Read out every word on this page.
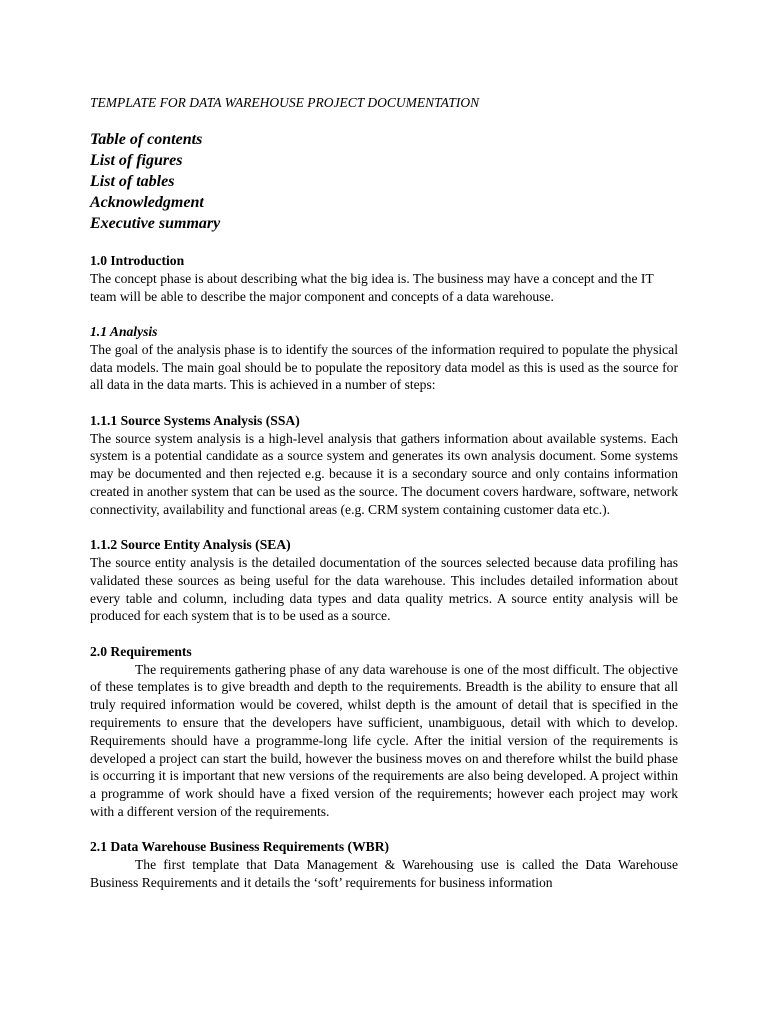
TEMPLATE FOR DATA WAREHOUSE PROJECT DOCUMENTATION
Table of contents
List of figures
List of tables
Acknowledgment
Executive summary
1.0 Introduction
The concept phase is about describing what the big idea is. The business may have a concept and the IT team will be able to describe the major component and concepts of a data warehouse.
1.1 Analysis
The goal of the analysis phase is to identify the sources of the information required to populate the physical data models. The main goal should be to populate the repository data model as this is used as the source for all data in the data marts. This is achieved in a number of steps:
1.1.1 Source Systems Analysis (SSA)
The source system analysis is a high-level analysis that gathers information about available systems. Each system is a potential candidate as a source system and generates its own analysis document. Some systems may be documented and then rejected e.g. because it is a secondary source and only contains information created in another system that can be used as the source. The document covers hardware, software, network connectivity, availability and functional areas (e.g. CRM system containing customer data etc.).
1.1.2 Source Entity Analysis (SEA)
The source entity analysis is the detailed documentation of the sources selected because data profiling has validated these sources as being useful for the data warehouse. This includes detailed information about every table and column, including data types and data quality metrics. A source entity analysis will be produced for each system that is to be used as a source.
2.0 Requirements
The requirements gathering phase of any data warehouse is one of the most difficult. The objective of these templates is to give breadth and depth to the requirements. Breadth is the ability to ensure that all truly required information would be covered, whilst depth is the amount of detail that is specified in the requirements to ensure that the developers have sufficient, unambiguous, detail with which to develop. Requirements should have a programme-long life cycle. After the initial version of the requirements is developed a project can start the build, however the business moves on and therefore whilst the build phase is occurring it is important that new versions of the requirements are also being developed. A project within a programme of work should have a fixed version of the requirements; however each project may work with a different version of the requirements.
2.1 Data Warehouse Business Requirements (WBR)
The first template that Data Management & Warehousing use is called the Data Warehouse Business Requirements and it details the ‘soft’ requirements for business information
